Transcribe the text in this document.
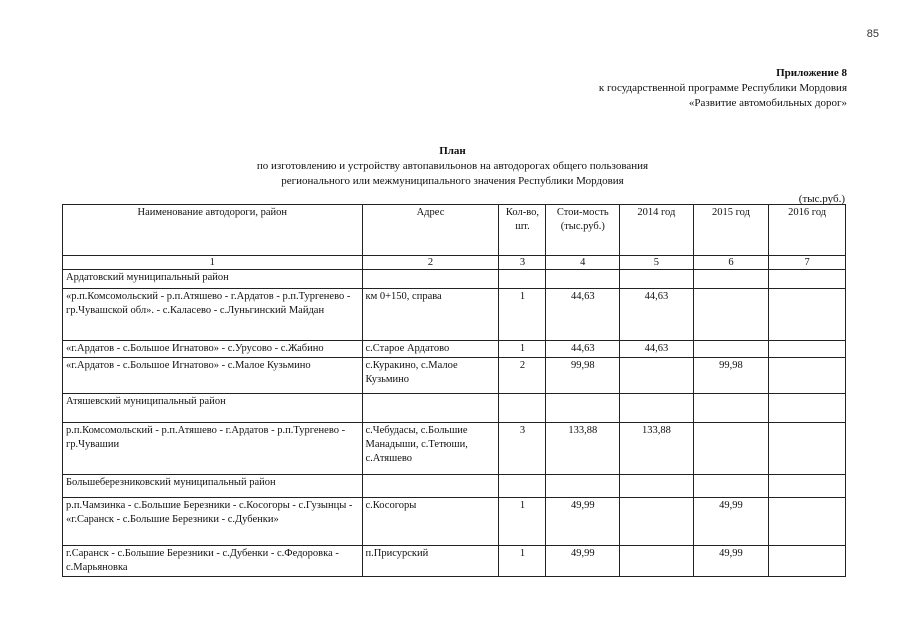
85
Приложение 8
к государственной программе Республики Мордовия
«Развитие автомобильных дорог»
План
по изготовлению и устройству автопавильонов на автодорогах общего пользования
регионального или межмуниципального значения Республики Мордовия
(тыс.руб.)
Наименование автодороги, район	Адрес	Кол-во, шт.	Стои-мость (тыс.руб.)	2014 год	2015 год	2016 год
1	2	3	4	5	6	7
Ардатовский муниципальный район						
«р.п.Комсомольский - р.п.Атяшево - г.Ардатов - р.п.Тургенево - гр.Чувашской обл». - с.Каласево - с.Луньгинский Майдан	км 0+150, справа	1	44,63	44,63		
«г.Ардатов - с.Большое Игнатово» - с.Урусово - с.Жабино	с.Старое Ардатово	1	44,63	44,63		
«г.Ардатов - с.Большое Игнатово» - с.Малое Кузьмино	с.Куракино, с.Малое Кузьмино	2	99,98		99,98	
Атяшевский муниципальный район						
р.п.Комсомольский - р.п.Атяшево - г.Ардатов - р.п.Тургенево - гр.Чувашии	с.Чебудасы, с.Большие Манадыши, с.Тетюши, с.Атяшево	3	133,88	133,88		
Большеберезниковский муниципальный район						
р.п.Чамзинка - с.Большие Березники - с.Косогоры - с.Гузынцы - «г.Саранск - с.Большие Березники - с.Дубенки»	с.Косогоры	1	49,99		49,99	
г.Саранск - с.Большие Березники - с.Дубенки - с.Федоровка - с.Марьяновка	п.Присурский	1	49,99		49,99	
